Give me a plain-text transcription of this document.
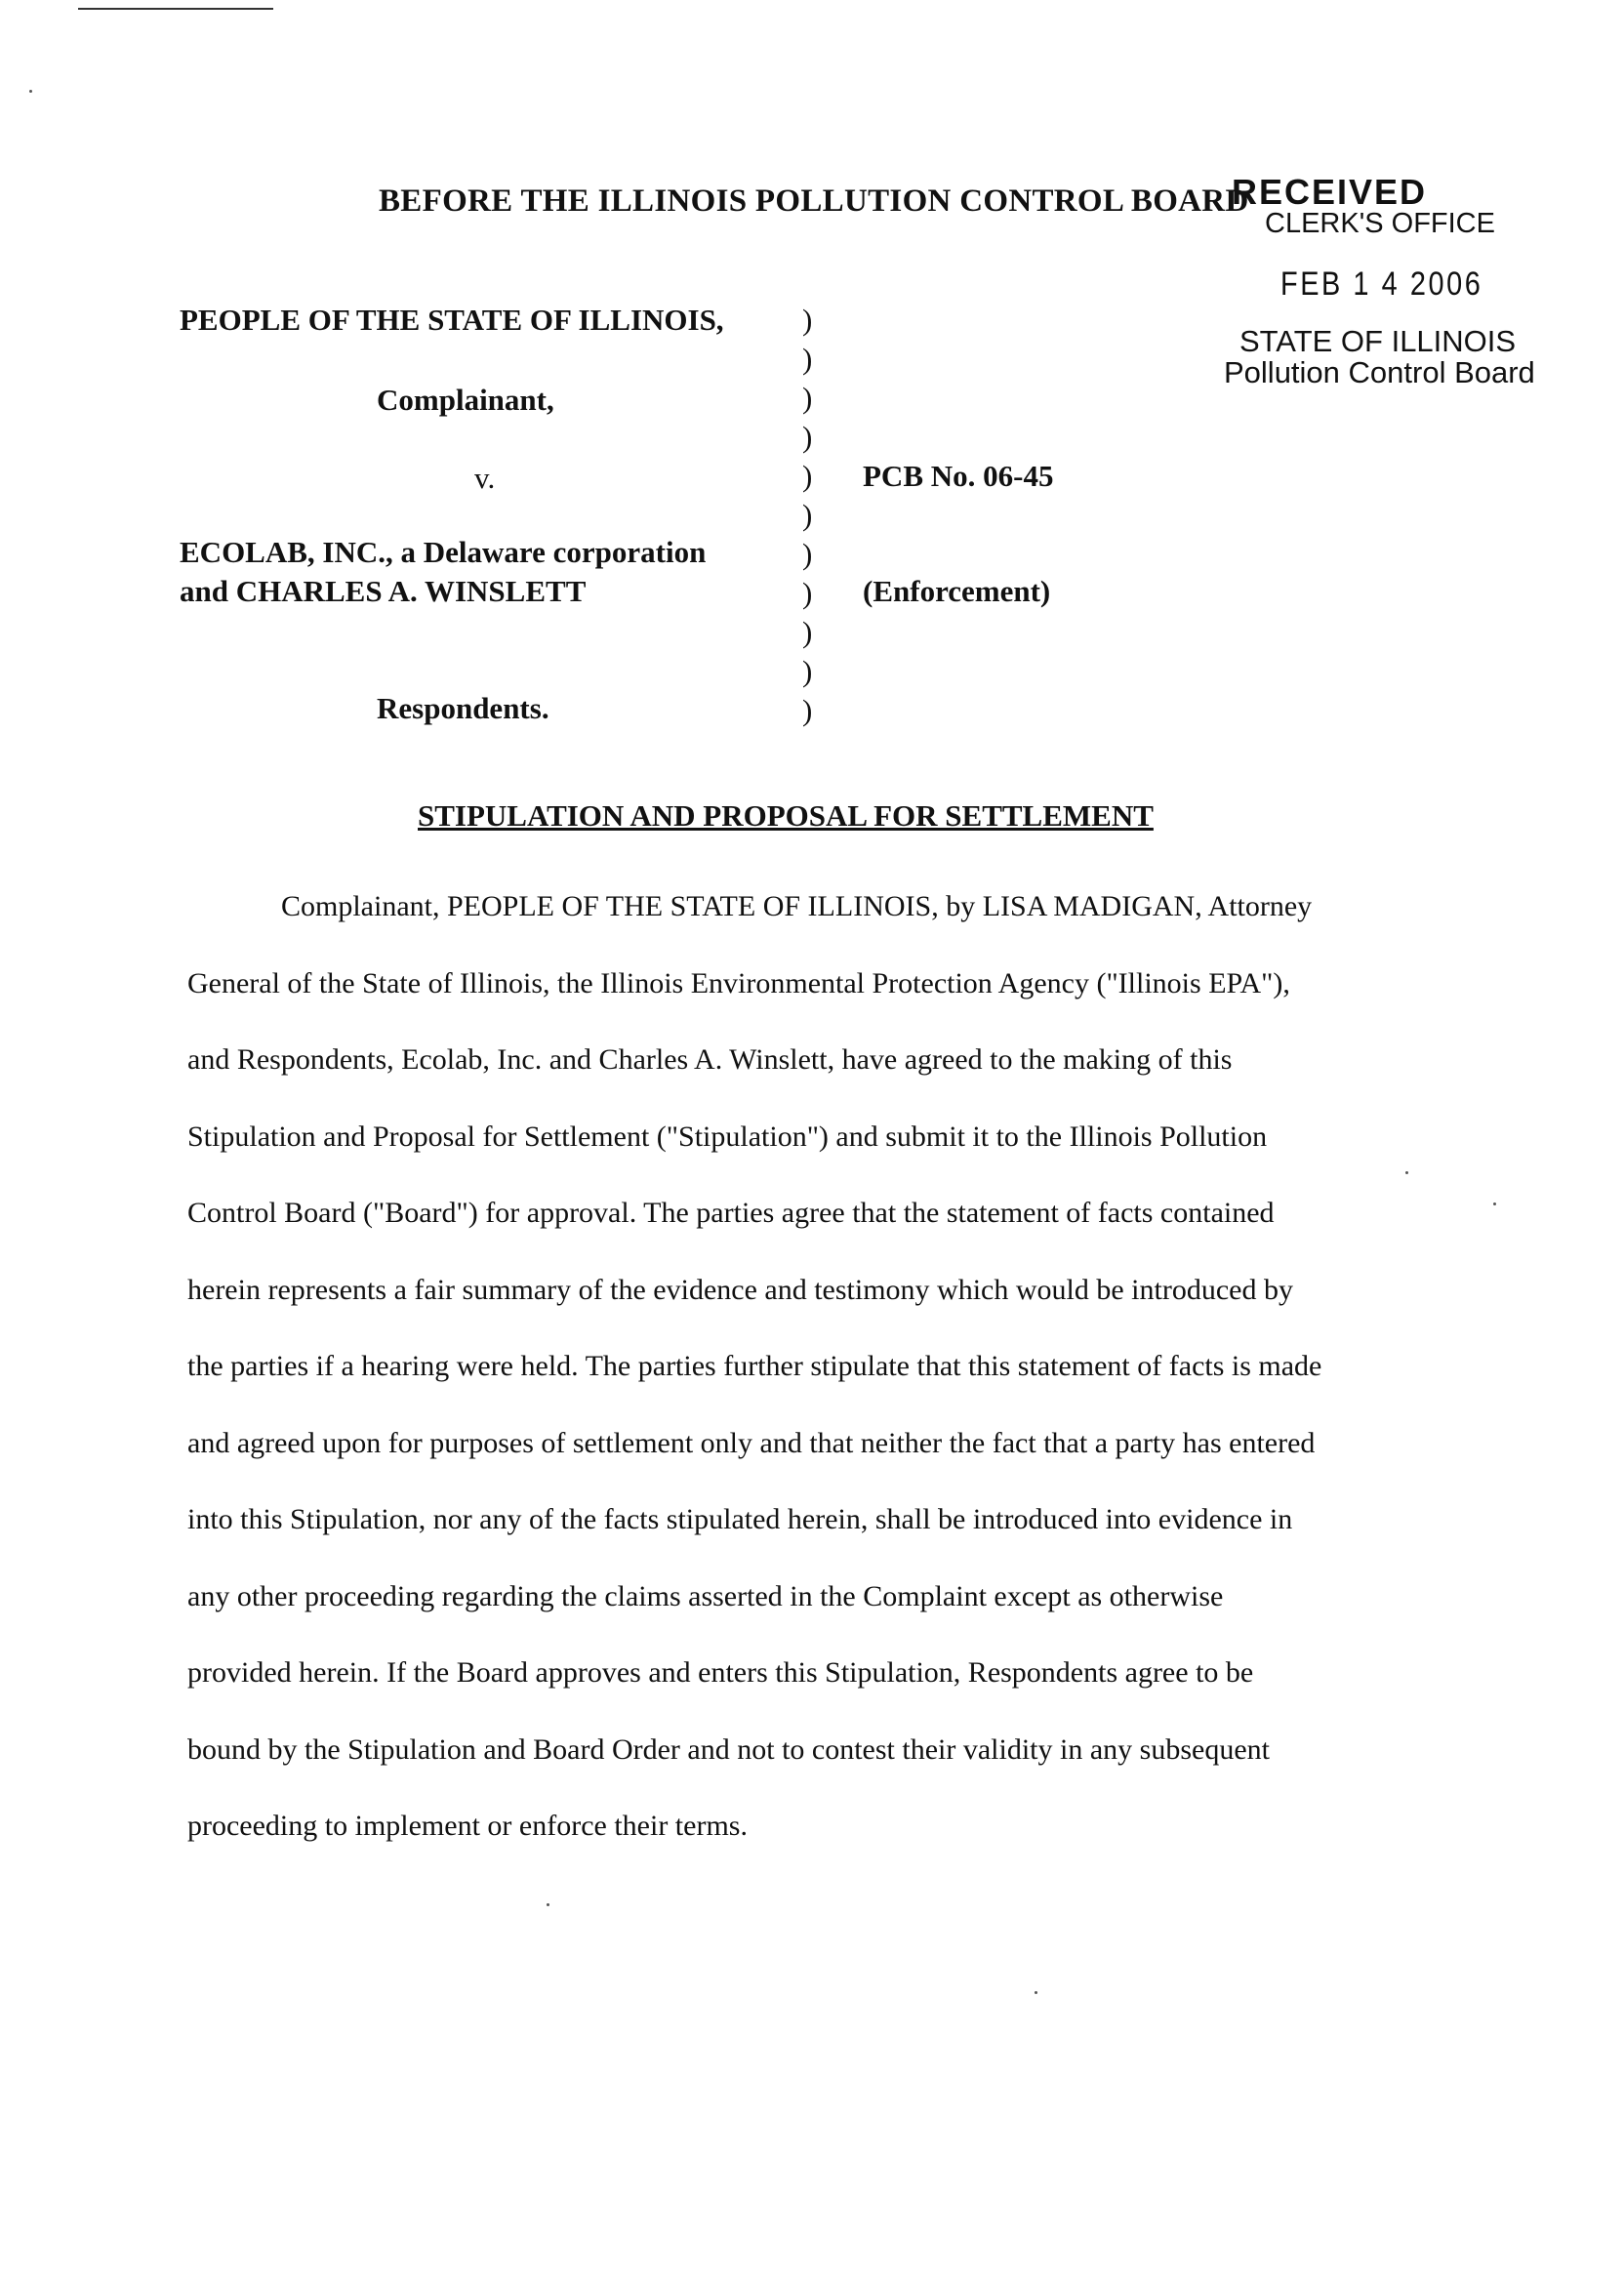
BEFORE THE ILLINOIS POLLUTION CONTROL BOARD
RECEIVED
CLERK'S OFFICE
FEB 1 4 2006
STATE OF ILLINOIS
Pollution Control Board
PEOPLE OF THE STATE OF ILLINOIS,
Complainant,
v.
ECOLAB, INC., a Delaware corporation
and CHARLES A. WINSLETT
Respondents.
)
)
)
)
)
)
)
)
)
)
)
PCB No. 06-45
(Enforcement)
STIPULATION AND PROPOSAL FOR SETTLEMENT
Complainant, PEOPLE OF THE STATE OF ILLINOIS, by LISA MADIGAN, Attorney
General of the State of Illinois, the Illinois Environmental Protection Agency ("Illinois EPA"),
and Respondents, Ecolab, Inc. and Charles A. Winslett, have agreed to the making of this
Stipulation and Proposal for Settlement ("Stipulation") and submit it to the Illinois Pollution
Control Board ("Board") for approval. The parties agree that the statement of facts contained
herein represents a fair summary of the evidence and testimony which would be introduced by
the parties if a hearing were held. The parties further stipulate that this statement of facts is made
and agreed upon for purposes of settlement only and that neither the fact that a party has entered
into this Stipulation, nor any of the facts stipulated herein, shall be introduced into evidence in
any other proceeding regarding the claims asserted in the Complaint except as otherwise
provided herein. If the Board approves and enters this Stipulation, Respondents agree to be
bound by the Stipulation and Board Order and not to contest their validity in any subsequent
proceeding to implement or enforce their terms.
